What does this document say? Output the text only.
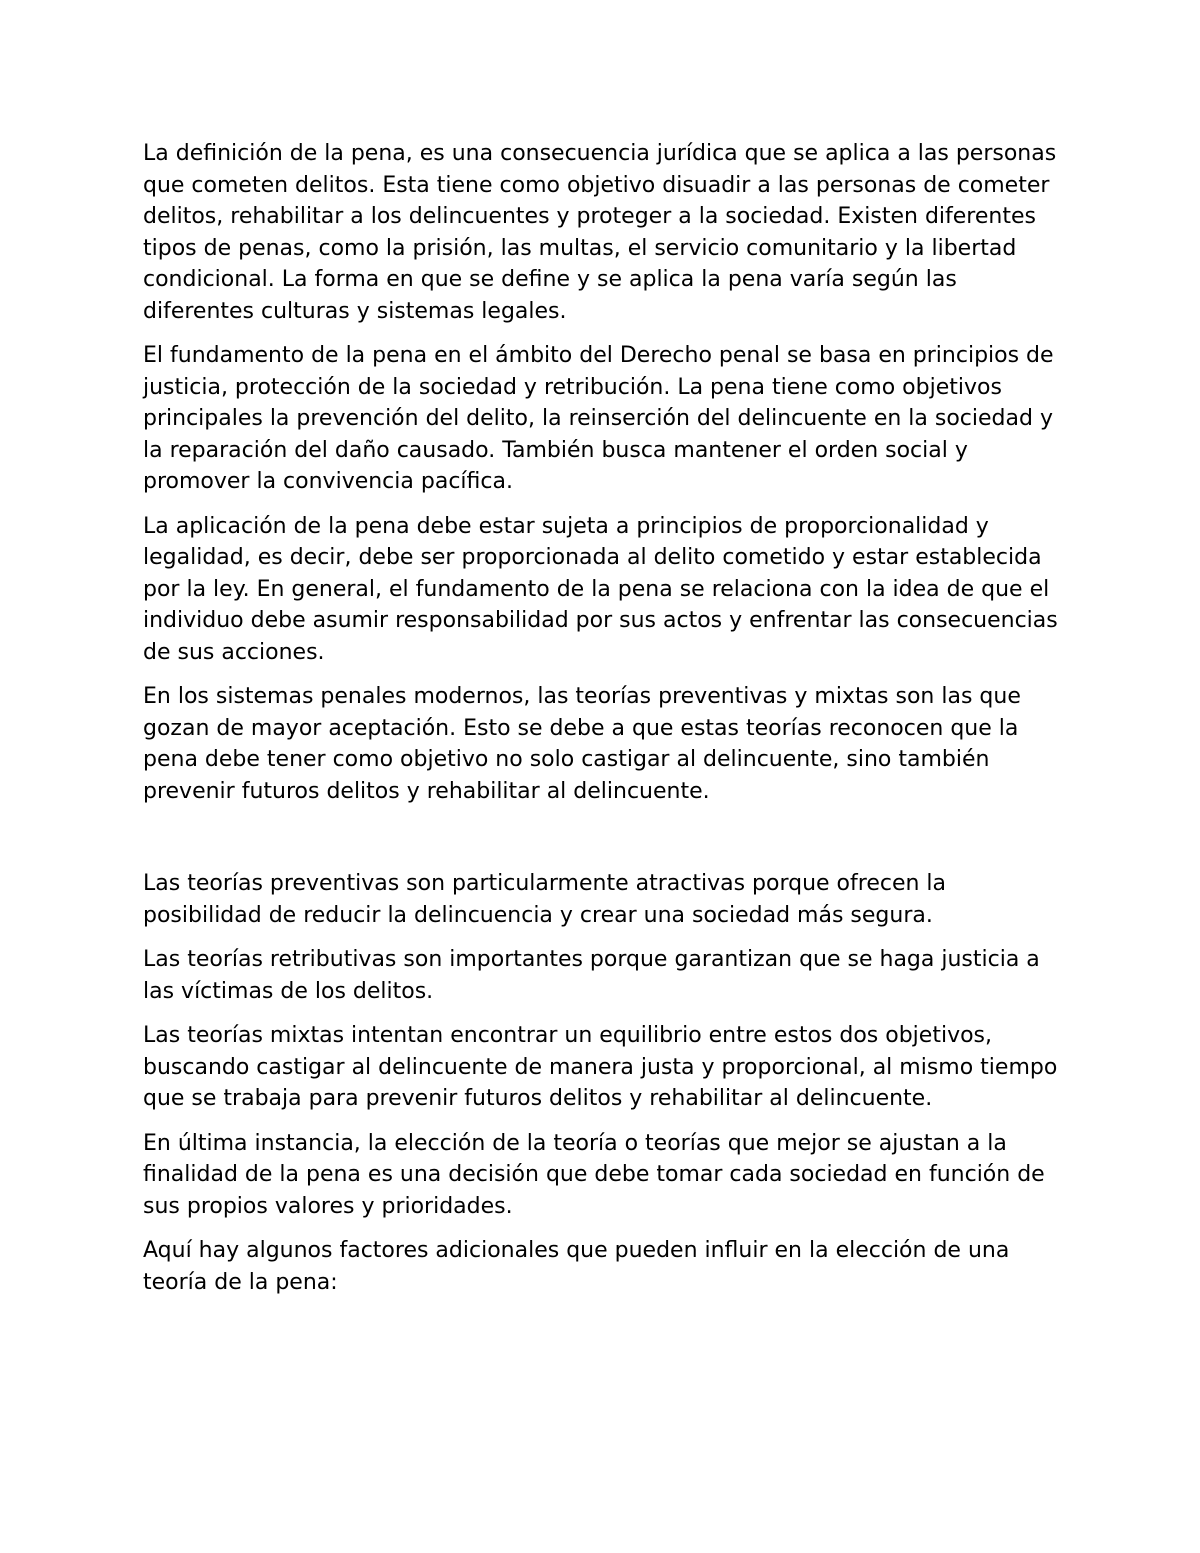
La definición de la pena, es una consecuencia jurídica que se aplica a las personas que cometen delitos. Esta tiene como objetivo disuadir a las personas de cometer delitos, rehabilitar a los delincuentes y proteger a la sociedad. Existen diferentes tipos de penas, como la prisión, las multas, el servicio comunitario y la libertad condicional. La forma en que se define y se aplica la pena varía según las diferentes culturas y sistemas legales.

El fundamento de la pena en el ámbito del Derecho penal se basa en principios de justicia, protección de la sociedad y retribución. La pena tiene como objetivos principales la prevención del delito, la reinserción del delincuente en la sociedad y la reparación del daño causado. También busca mantener el orden social y promover la convivencia pacífica.

La aplicación de la pena debe estar sujeta a principios de proporcionalidad y legalidad, es decir, debe ser proporcionada al delito cometido y estar establecida por la ley. En general, el fundamento de la pena se relaciona con la idea de que el individuo debe asumir responsabilidad por sus actos y enfrentar las consecuencias de sus acciones.

En los sistemas penales modernos, las teorías preventivas y mixtas son las que gozan de mayor aceptación. Esto se debe a que estas teorías reconocen que la pena debe tener como objetivo no solo castigar al delincuente, sino también prevenir futuros delitos y rehabilitar al delincuente.

Las teorías preventivas son particularmente atractivas porque ofrecen la posibilidad de reducir la delincuencia y crear una sociedad más segura.

Las teorías retributivas son importantes porque garantizan que se haga justicia a las víctimas de los delitos.

Las teorías mixtas intentan encontrar un equilibrio entre estos dos objetivos, buscando castigar al delincuente de manera justa y proporcional, al mismo tiempo que se trabaja para prevenir futuros delitos y rehabilitar al delincuente.

En última instancia, la elección de la teoría o teorías que mejor se ajustan a la finalidad de la pena es una decisión que debe tomar cada sociedad en función de sus propios valores y prioridades.

Aquí hay algunos factores adicionales que pueden influir en la elección de una teoría de la pena:
